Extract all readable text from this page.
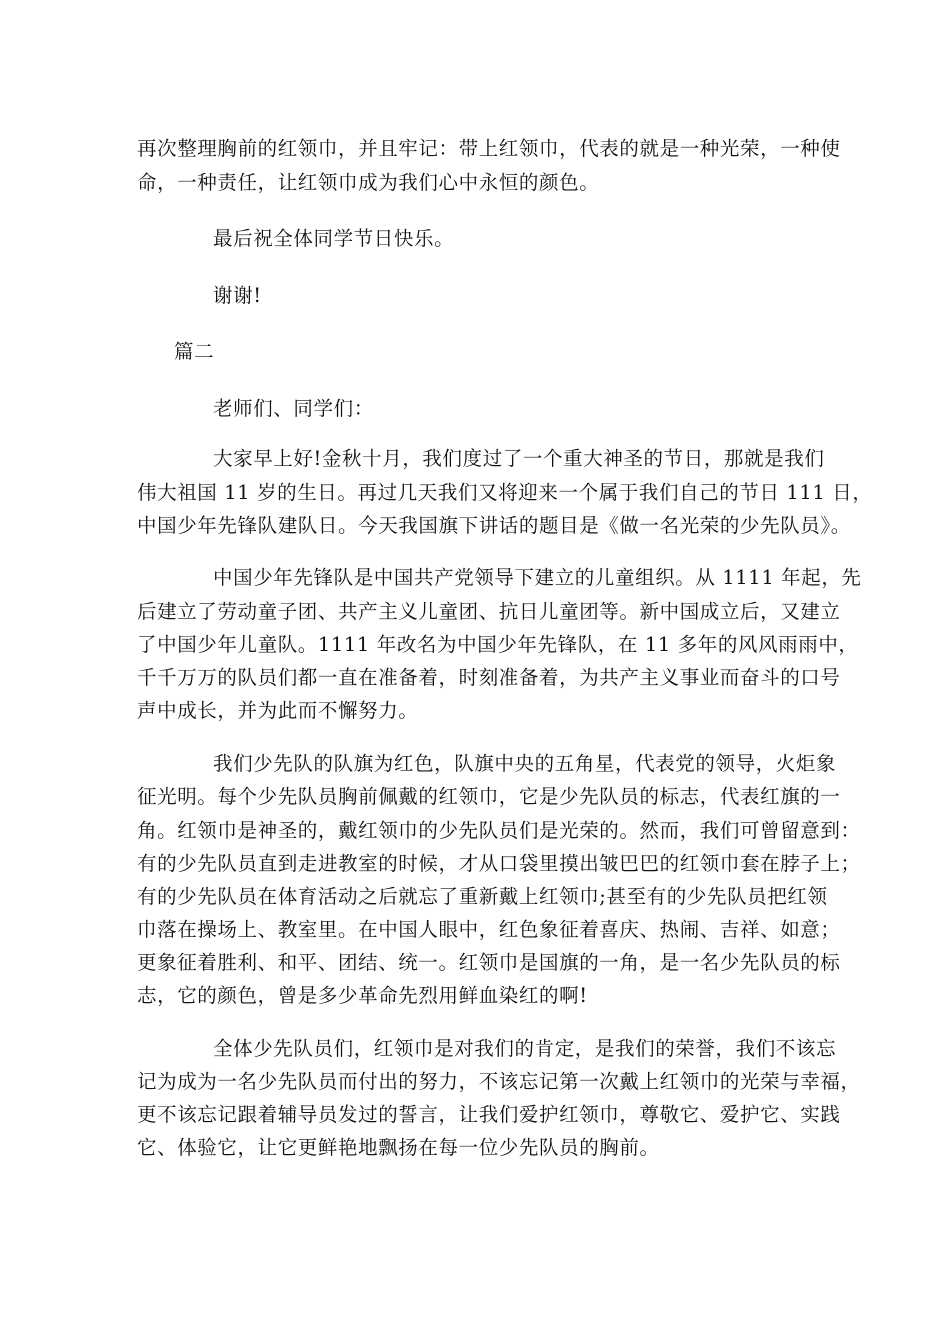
再次整理胸前的红领巾，并且牢记：带上红领巾，代表的就是一种光荣，一种使
命，一种责任，让红领巾成为我们心中永恒的颜色。
最后祝全体同学节日快乐。
谢谢!
篇二
老师们、同学们：
大家早上好!金秋十月，我们度过了一个重大神圣的节日，那就是我们
伟大祖国 11 岁的生日。再过几天我们又将迎来一个属于我们自己的节日 111 日，
中国少年先锋队建队日。今天我国旗下讲话的题目是《做一名光荣的少先队员》。
中国少年先锋队是中国共产党领导下建立的儿童组织。从 1111 年起，先
后建立了劳动童子团、共产主义儿童团、抗日儿童团等。新中国成立后，又建立
了中国少年儿童队。1111 年改名为中国少年先锋队，在 11 多年的风风雨雨中，
千千万万的队员们都一直在准备着，时刻准备着，为共产主义事业而奋斗的口号
声中成长，并为此而不懈努力。
我们少先队的队旗为红色，队旗中央的五角星，代表党的领导，火炬象
征光明。每个少先队员胸前佩戴的红领巾，它是少先队员的标志，代表红旗的一
角。红领巾是神圣的，戴红领巾的少先队员们是光荣的。然而，我们可曾留意到：
有的少先队员直到走进教室的时候，才从口袋里摸出皱巴巴的红领巾套在脖子上；
有的少先队员在体育活动之后就忘了重新戴上红领巾;甚至有的少先队员把红领
巾落在操场上、教室里。在中国人眼中，红色象征着喜庆、热闹、吉祥、如意；
更象征着胜利、和平、团结、统一。红领巾是国旗的一角，是一名少先队员的标
志，它的颜色，曾是多少革命先烈用鲜血染红的啊!
全体少先队员们，红领巾是对我们的肯定，是我们的荣誉，我们不该忘
记为成为一名少先队员而付出的努力，不该忘记第一次戴上红领巾的光荣与幸福，
更不该忘记跟着辅导员发过的誓言，让我们爱护红领巾，尊敬它、爱护它、实践
它、体验它，让它更鲜艳地飘扬在每一位少先队员的胸前。
